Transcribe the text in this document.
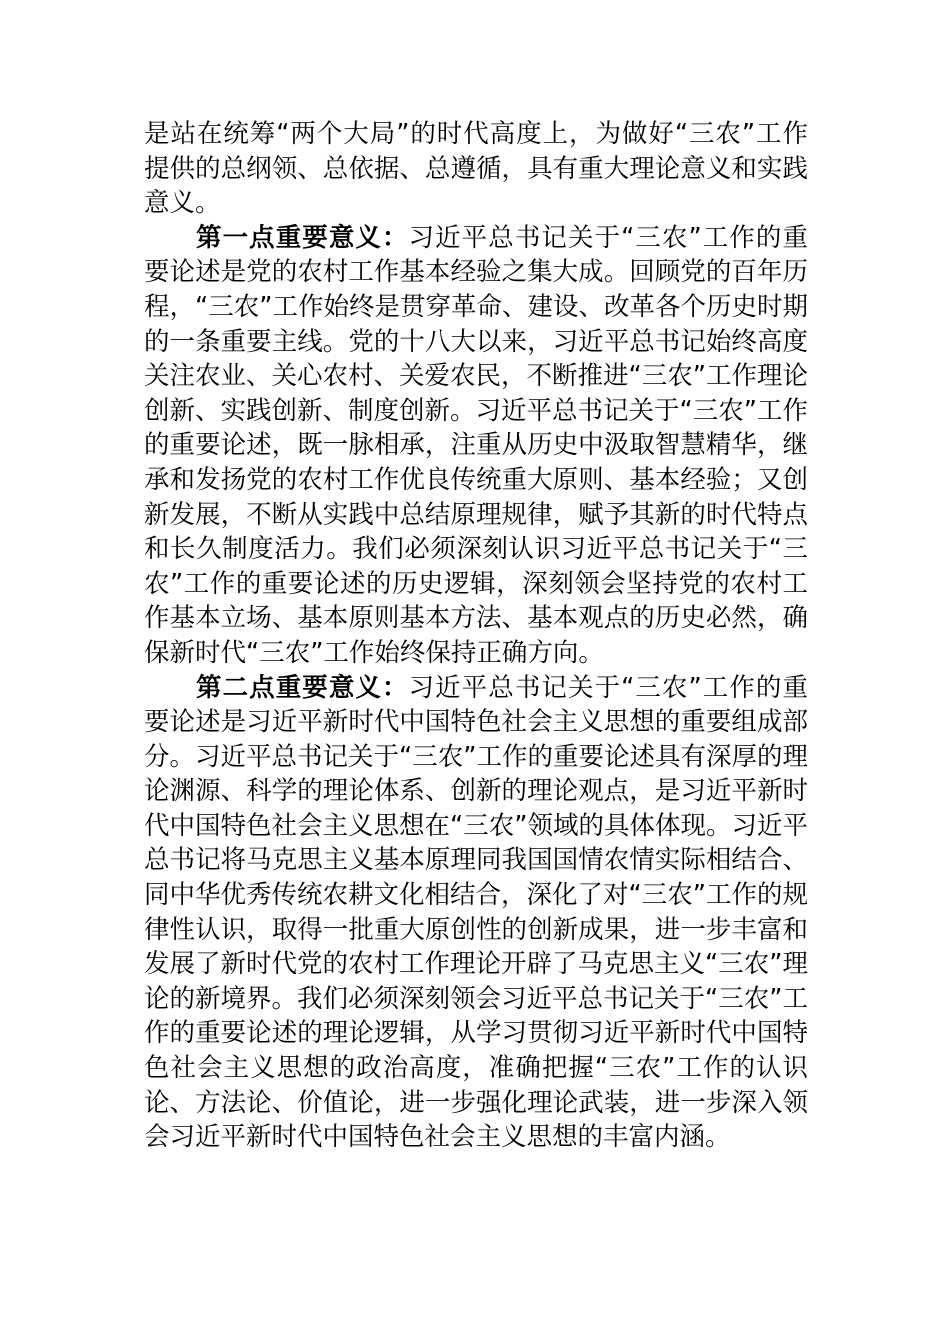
是站在统筹“两个大局”的时代高度上，为做好“三农”工作提供的总纲领、总依据、总遵循，具有重大理论意义和实践意义。

第一点重要意义：习近平总书记关于“三农”工作的重要论述是党的农村工作基本经验之集大成。回顾党的百年历程，“三农”工作始终是贯穿革命、建设、改革各个历史时期的一条重要主线。党的十八大以来，习近平总书记始终高度关注农业、关心农村、关爱农民，不断推进“三农”工作理论创新、实践创新、制度创新。习近平总书记关于“三农”工作的重要论述，既一脉相承，注重从历史中汲取智慧精华，继承和发扬党的农村工作优良传统重大原则、基本经验；又创新发展，不断从实践中总结原理规律，赋予其新的时代特点和长久制度活力。我们必须深刻认识习近平总书记关于“三农”工作的重要论述的历史逻辑，深刻领会坚持党的农村工作基本立场、基本原则基本方法、基本观点的历史必然，确保新时代“三农”工作始终保持正确方向。

第二点重要意义：习近平总书记关于“三农”工作的重要论述是习近平新时代中国特色社会主义思想的重要组成部分。习近平总书记关于“三农”工作的重要论述具有深厚的理论渊源、科学的理论体系、创新的理论观点，是习近平新时代中国特色社会主义思想在“三农”领域的具体体现。习近平总书记将马克思主义基本原理同我国国情农情实际相结合、同中华优秀传统农耕文化相结合，深化了对“三农”工作的规律性认识，取得一批重大原创性的创新成果，进一步丰富和发展了新时代党的农村工作理论开辟了马克思主义“三农”理论的新境界。我们必须深刻领会习近平总书记关于“三农”工作的重要论述的理论逻辑，从学习贯彻习近平新时代中国特色社会主义思想的政治高度，准确把握“三农”工作的认识论、方法论、价值论，进一步强化理论武装，进一步深入领会习近平新时代中国特色社会主义思想的丰富内涵。
